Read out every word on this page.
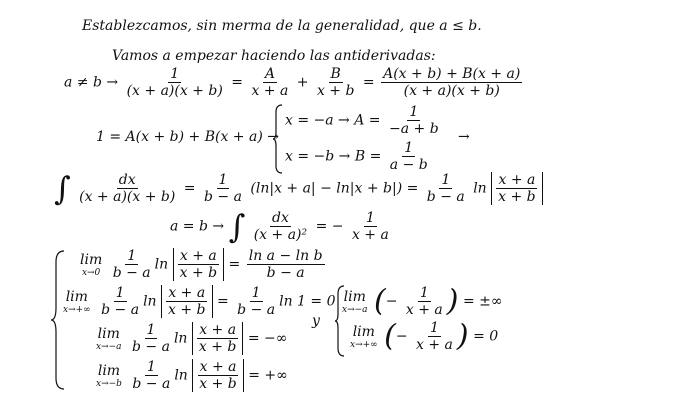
Establezcamos, sin merma de la generalidad, que a ≤ b.
Vamos a empezar haciendo las antiderivadas:
$a \ne b \to \frac{1}{(x + a)(x + b)} = \frac{A}{x + a} + \frac{B}{x + b} = \frac{A(x + b) + B(x + a)}{(x + a)(x + b)}$
1 = A(x + b) + B(x + a) →
$x = -a \to A = \frac{1}{-a + b}$ →
$x = -b \to B = \frac{1}{a - b}$
∫ $\frac{dx}{(x + a)(x + b)} = \frac{1}{b - a} (\ln|x + a| - \ln|x + b|) = \frac{1}{b - a}$ $\ln \frac{x + a}{x + b}$
a = b → ∫ $\frac{dx}{\text{(x + a)²}}$ = − $\frac{1}{x + a}$
lim
x→0
$\frac{1}{b - a}$ $\ln \frac{x + a}{x + b} = \frac{\text{ln a − ln b}}{b - a}$
lim
x→+∞
$\frac{1}{b - a}$ $\ln \frac{x + a}{x + b} = \frac{1}{b - a}$ ln 1 = 0
lim
x→−a
$\frac{1}{b - a}$ $\ln \frac{x + a}{x + b}$ = −∞
lim
x→−b
$\frac{1}{b - a}$ $\ln \frac{x + a}{x + b}$ = +∞
y
lim
x→−a (− $\frac{1}{x + a}$ ) = ±∞
lim
x→+∞ (− $\frac{1}{x + a}$ ) = 0
